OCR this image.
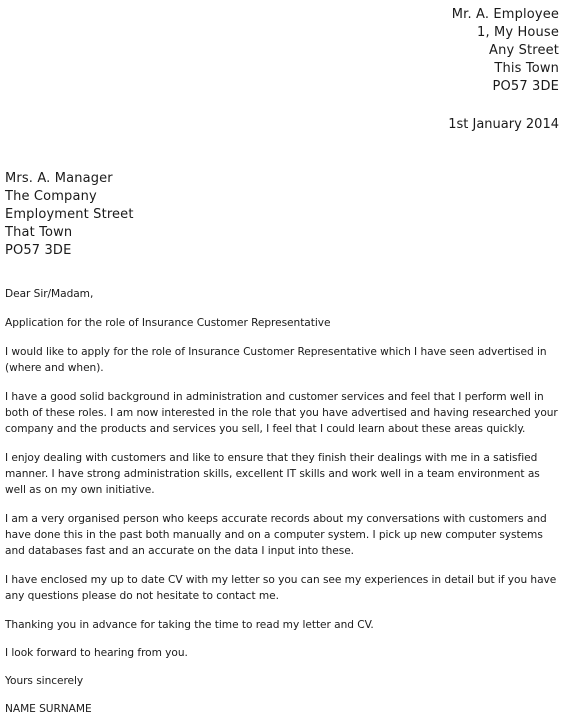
Mr. A. Employee
1, My House
Any Street
This Town
PO57 3DE
1st January 2014
Mrs. A. Manager
The Company
Employment Street
That Town
PO57 3DE

Dear Sir/Madam,

Application for the role of Insurance Customer Representative

I would like to apply for the role of Insurance Customer Representative which I have seen advertised in (where and when).

I have a good solid background in administration and customer services and feel that I perform well in both of these roles. I am now interested in the role that you have advertised and having researched your company and the products and services you sell, I feel that I could learn about these areas quickly.

I enjoy dealing with customers and like to ensure that they finish their dealings with me in a satisfied manner. I have strong administration skills, excellent IT skills and work well in a team environment as well as on my own initiative.

I am a very organised person who keeps accurate records about my conversations with customers and have done this in the past both manually and on a computer system. I pick up new computer systems and databases fast and an accurate on the data I input into these.

I have enclosed my up to date CV with my letter so you can see my experiences in detail but if you have any questions please do not hesitate to contact me.

Thanking you in advance for taking the time to read my letter and CV.

I look forward to hearing from you.

Yours sincerely

NAME SURNAME
